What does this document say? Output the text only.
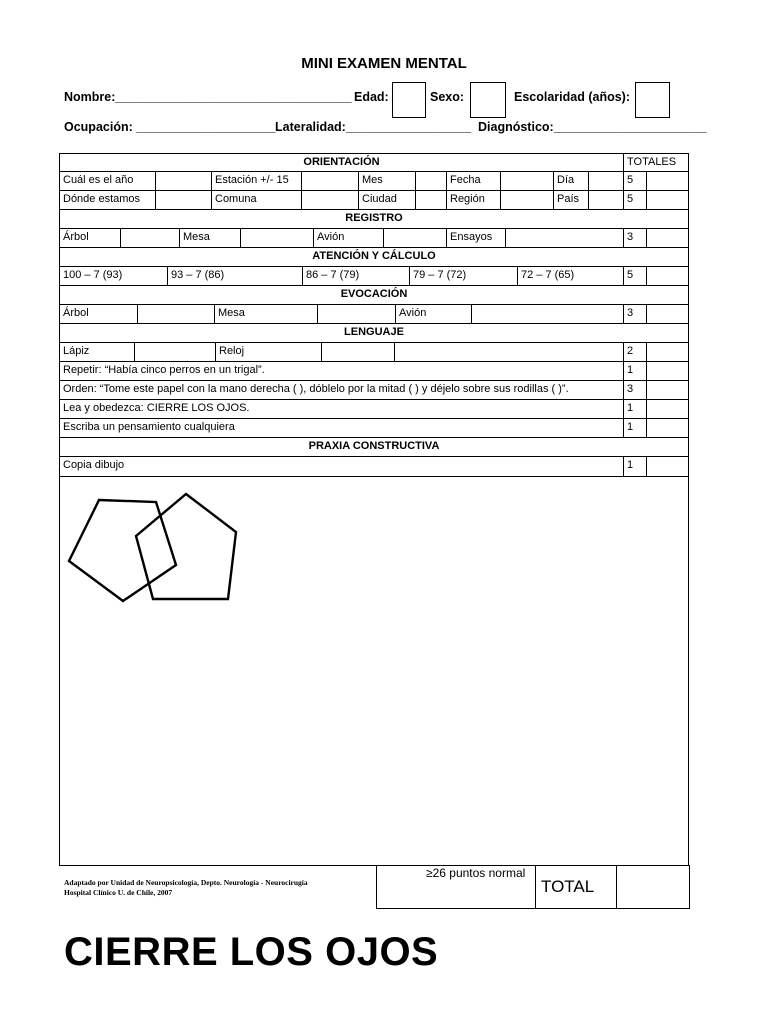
MINI EXAMEN MENTAL
Nombre:__________________________________ Edad:	Sexo:	Escolaridad (años):
Ocupación: ____________________ Lateralidad:__________________ Diagnóstico:______________________
ORIENTACIÓN	TOTALES
Cuál es el año	Estación +/- 15	Mes	Fecha	Día	5
Dónde estamos	Comuna	Ciudad	Región	País	5
REGISTRO
Árbol	Mesa	Avión	Ensayos	3
ATENCIÓN Y CÁLCULO
100 – 7 (93)	93 – 7 (86)	86 – 7 (79)	79 – 7 (72)	72 – 7 (65)	5
EVOCACIÓN
Árbol	Mesa	Avión	3
LENGUAJE
Lápiz	Reloj	2
Repetir: “Había cinco perros en un trigal”.	1
Orden: “Tome este papel con la mano derecha ( ), dóblelo por la mitad ( ) y déjelo sobre sus rodillas ( )”.	3
Lea y obedezca: CIERRE LOS OJOS.	1
Escriba un pensamiento cualquiera	1
PRAXIA CONSTRUCTIVA
Copia dibujo	1
Adaptado por Unidad de Neuropsicología, Depto. Neurología - Neurocirugía
Hospital Clínico U. de Chile, 2007
≥26 puntos normal
TOTAL
CIERRE LOS OJOS
